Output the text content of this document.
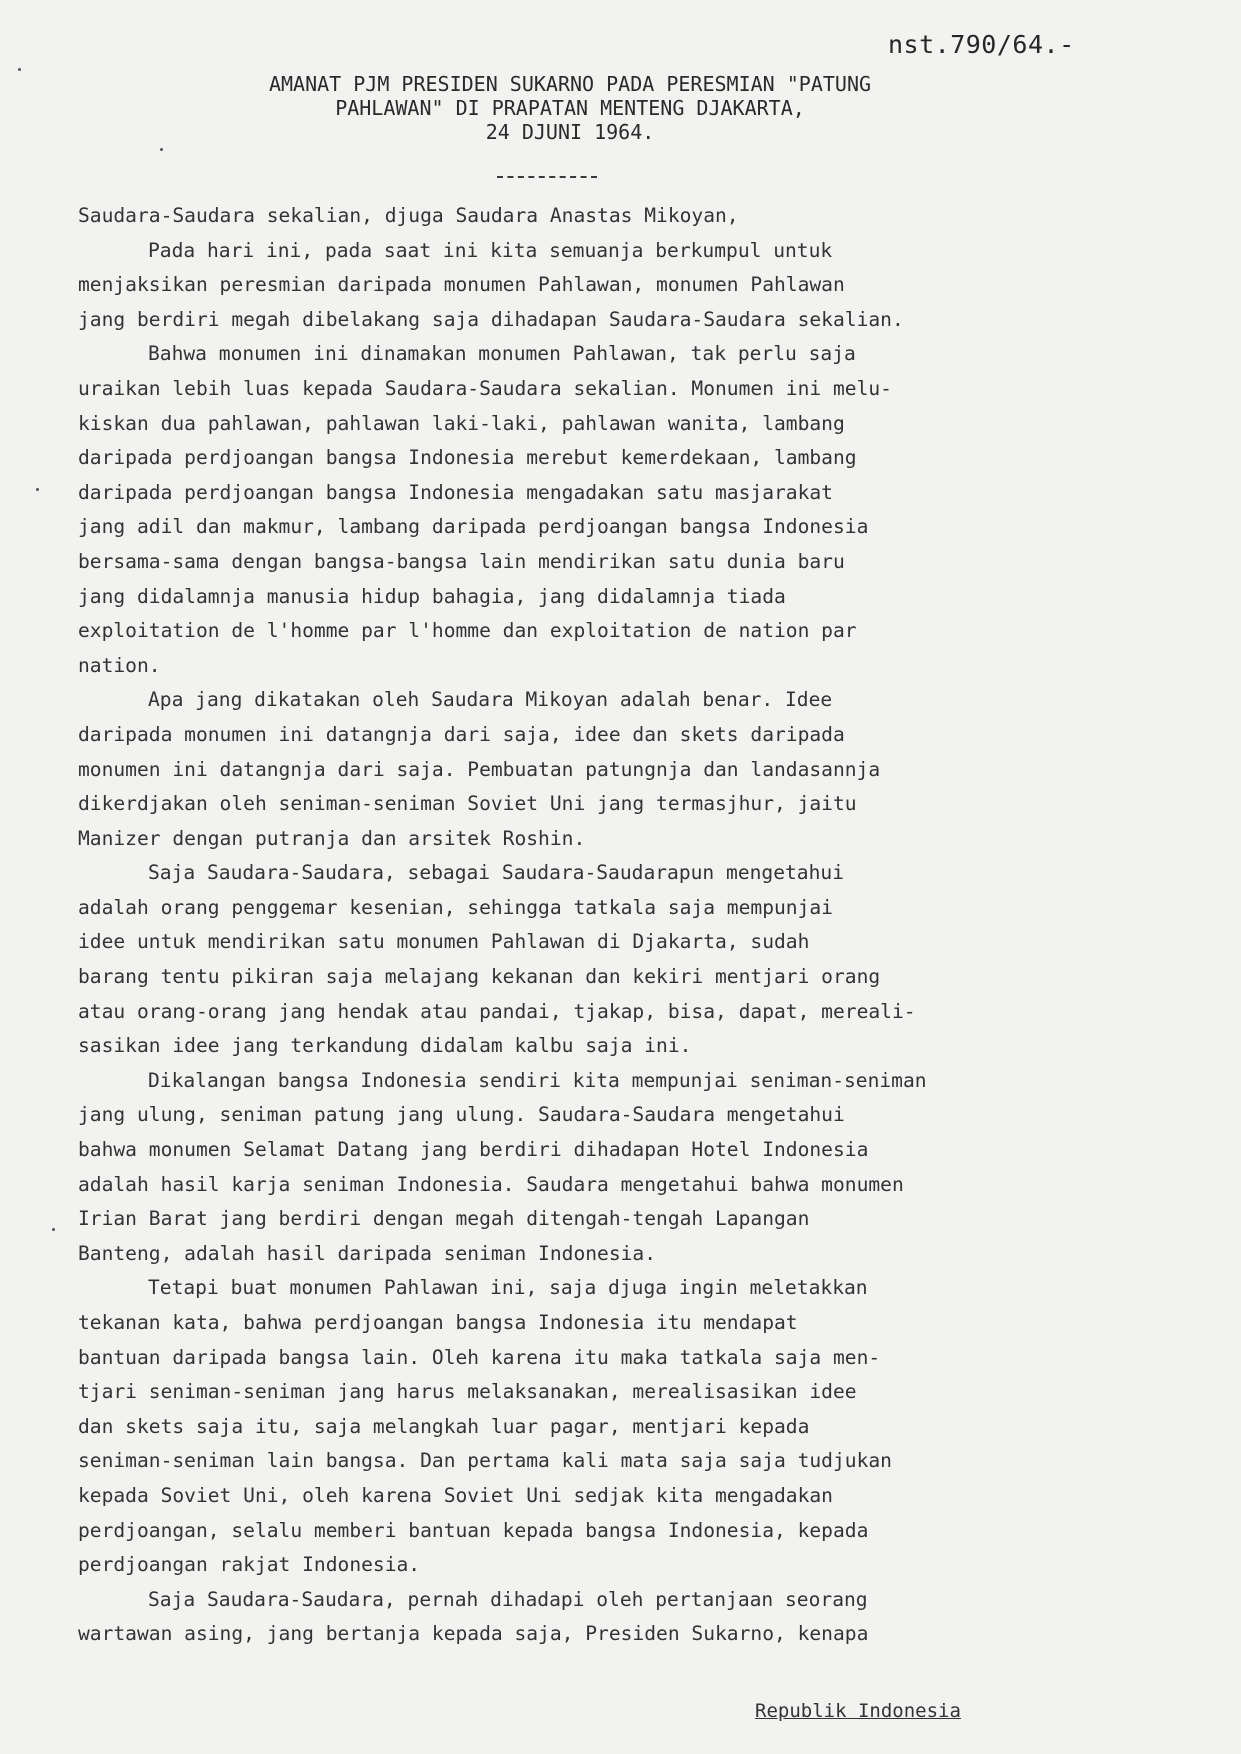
nst.790/64.-
AMANAT PJM PRESIDEN SUKARNO PADA PERESMIAN "PATUNG
PAHLAWAN" DI PRAPATAN MENTENG DJAKARTA,
24 DJUNI 1964.
Saudara-Saudara sekalian, djuga Saudara Anastas Mikoyan,
Pada hari ini, pada saat ini kita semuanja berkumpul untuk
menjaksikan peresmian daripada monumen Pahlawan, monumen Pahlawan
jang berdiri megah dibelakang saja dihadapan Saudara-Saudara sekalian.
Bahwa monumen ini dinamakan monumen Pahlawan, tak perlu saja
uraikan lebih luas kepada Saudara-Saudara sekalian. Monumen ini melu-
kiskan dua pahlawan, pahlawan laki-laki, pahlawan wanita, lambang
daripada perdjoangan bangsa Indonesia merebut kemerdekaan, lambang
daripada perdjoangan bangsa Indonesia mengadakan satu masjarakat
jang adil dan makmur, lambang daripada perdjoangan bangsa Indonesia
bersama-sama dengan bangsa-bangsa lain mendirikan satu dunia baru
jang didalamnja manusia hidup bahagia, jang didalamnja tiada
exploitation de l'homme par l'homme dan exploitation de nation par
nation.
Apa jang dikatakan oleh Saudara Mikoyan adalah benar. Idee
daripada monumen ini datangnja dari saja, idee dan skets daripada
monumen ini datangnja dari saja. Pembuatan patungnja dan landasannja
dikerdjakan oleh seniman-seniman Soviet Uni jang termasjhur, jaitu
Manizer dengan putranja dan arsitek Roshin.
Saja Saudara-Saudara, sebagai Saudara-Saudarapun mengetahui
adalah orang penggemar kesenian, sehingga tatkala saja mempunjai
idee untuk mendirikan satu monumen Pahlawan di Djakarta, sudah
barang tentu pikiran saja melajang kekanan dan kekiri mentjari orang
atau orang-orang jang hendak atau pandai, tjakap, bisa, dapat, mereali-
sasikan idee jang terkandung didalam kalbu saja ini.
Dikalangan bangsa Indonesia sendiri kita mempunjai seniman-seniman
jang ulung, seniman patung jang ulung. Saudara-Saudara mengetahui
bahwa monumen Selamat Datang jang berdiri dihadapan Hotel Indonesia
adalah hasil karja seniman Indonesia. Saudara mengetahui bahwa monumen
Irian Barat jang berdiri dengan megah ditengah-tengah Lapangan
Banteng, adalah hasil daripada seniman Indonesia.
Tetapi buat monumen Pahlawan ini, saja djuga ingin meletakkan
tekanan kata, bahwa perdjoangan bangsa Indonesia itu mendapat
bantuan daripada bangsa lain. Oleh karena itu maka tatkala saja men-
tjari seniman-seniman jang harus melaksanakan, merealisasikan idee
dan skets saja itu, saja melangkah luar pagar, mentjari kepada
seniman-seniman lain bangsa. Dan pertama kali mata saja saja tudjukan
kepada Soviet Uni, oleh karena Soviet Uni sedjak kita mengadakan
perdjoangan, selalu memberi bantuan kepada bangsa Indonesia, kepada
perdjoangan rakjat Indonesia.
Saja Saudara-Saudara, pernah dihadapi oleh pertanjaan seorang
wartawan asing, jang bertanja kepada saja, Presiden Sukarno, kenapa
Republik Indonesia
